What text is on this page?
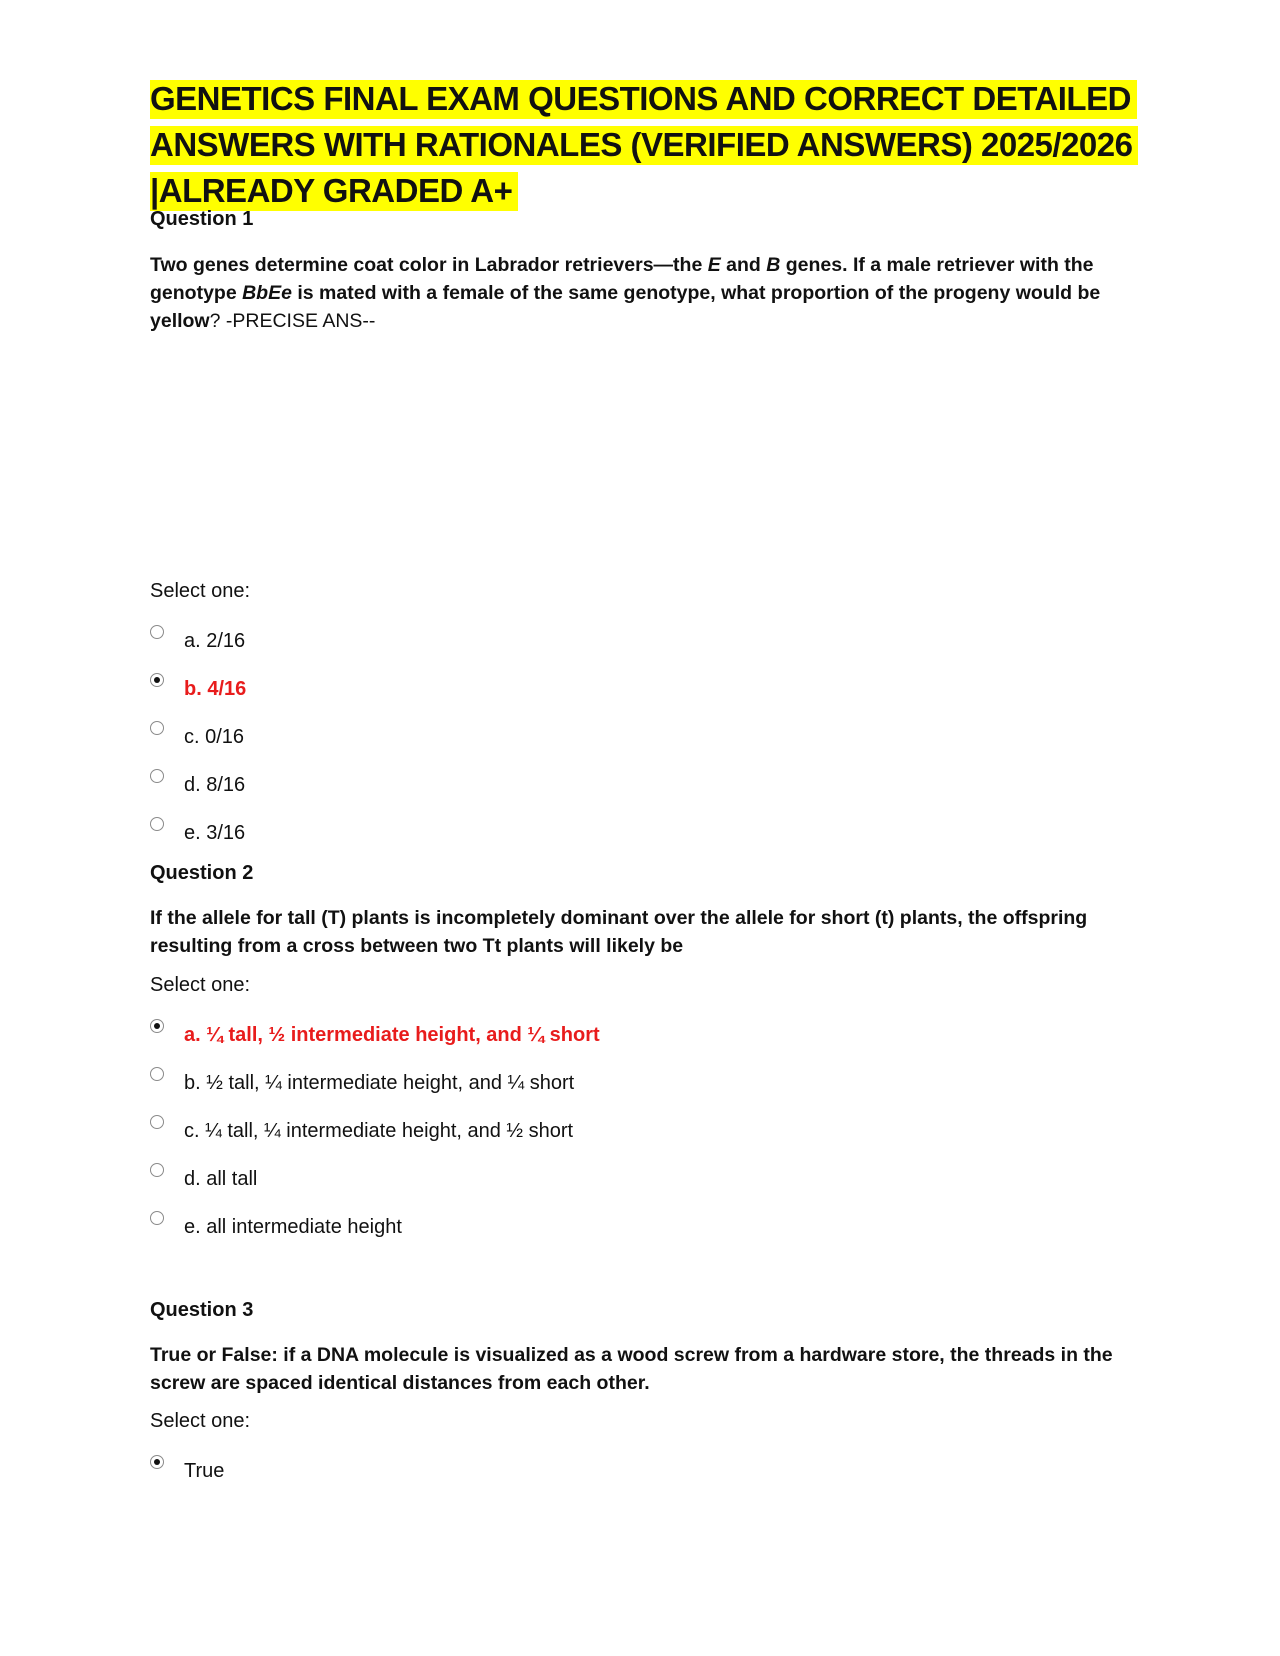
GENETICS FINAL EXAM QUESTIONS AND CORRECT DETAILED
ANSWERS WITH RATIONALES (VERIFIED ANSWERS) 2025/2026
|ALREADY GRADED A+
Question 1
Two genes determine coat color in Labrador retrievers—the E and B genes. If a male retriever with the genotype BbEe is mated with a female of the same genotype, what proportion of the progeny would be yellow? -PRECISE ANS--
Select one:
a. 2/16
b. 4/16
c. 0/16
d. 8/16
e. 3/16
Question 2
If the allele for tall (T) plants is incompletely dominant over the allele for short (t) plants, the offspring resulting from a cross between two Tt plants will likely be
Select one:
a. ¼ tall, ½ intermediate height, and ¼ short
b. ½ tall, ¼ intermediate height, and ¼ short
c. ¼ tall, ¼ intermediate height, and ½ short
d. all tall
e. all intermediate height
Question 3
True or False: if a DNA molecule is visualized as a wood screw from a hardware store, the threads in the screw are spaced identical distances from each other.
Select one:
True
